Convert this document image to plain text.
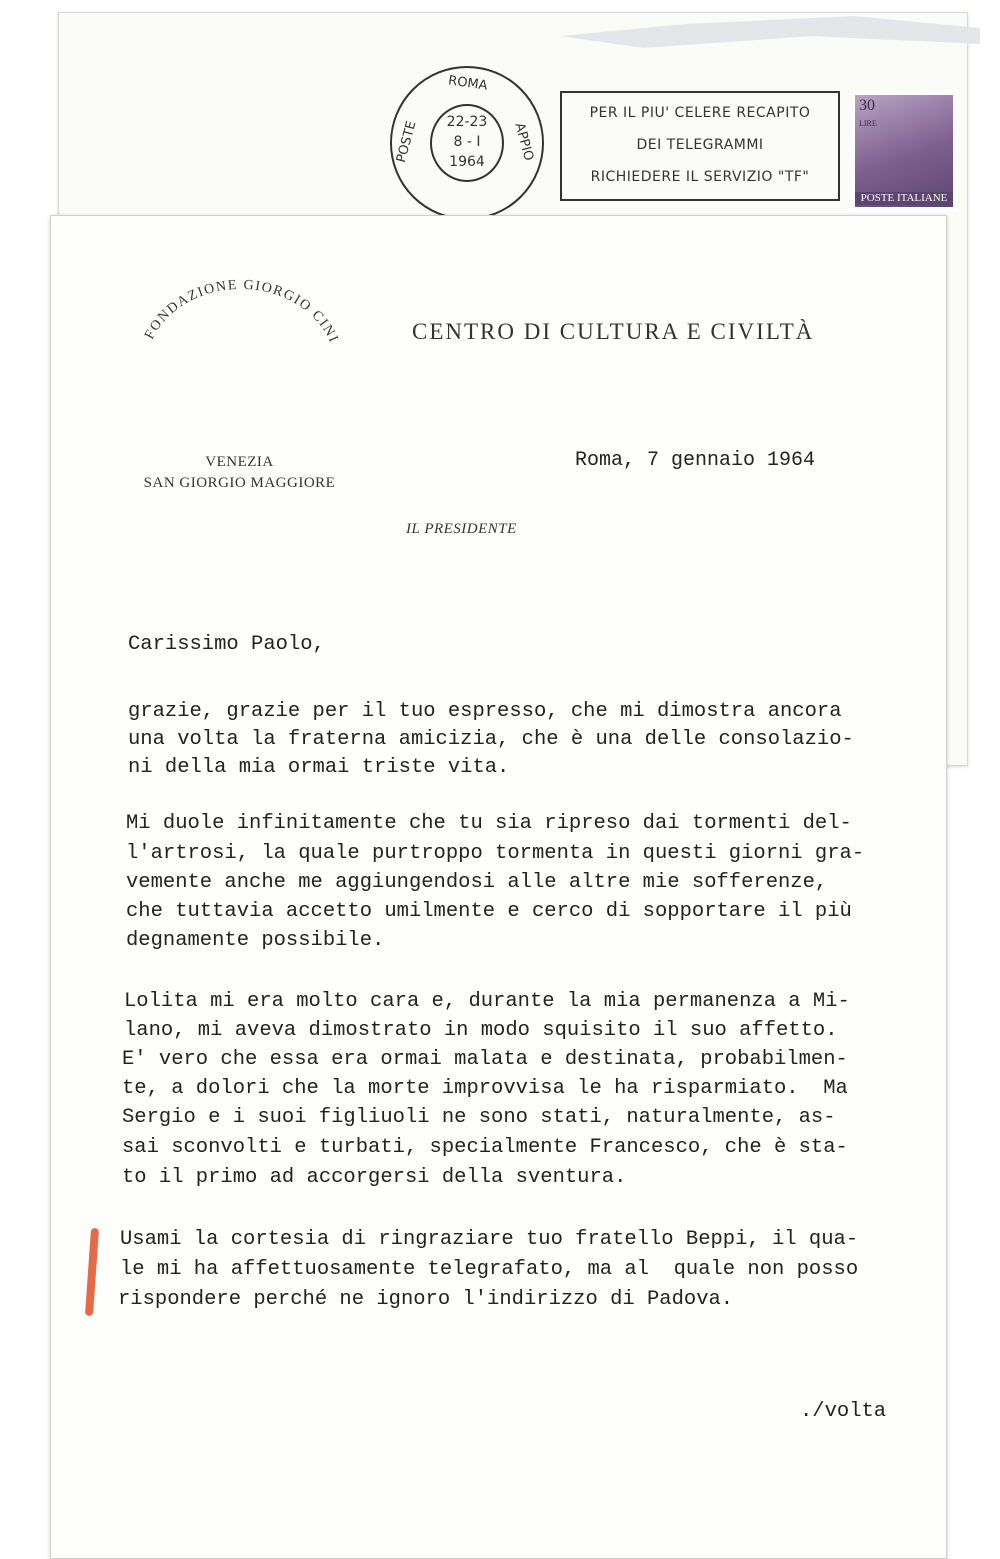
ROMA
POSTE	APPIO
22-23
8 - I
1964
PER IL PIU' CELERE RECAPITO
DEI TELEGRAMMI
RICHIEDERE IL SERVIZIO "TF"
30
LIRE
POSTE ITALIANE
FONDAZIONE GIORGIO CINI	CENTRO DI CULTURA E CIVILTÀ
VENEZIA
SAN GIORGIO MAGGIORE
IL PRESIDENTE
Roma, 7 gennaio 1964
Carissimo Paolo,
grazie, grazie per il tuo espresso, che mi dimostra ancora
una volta la fraterna amicizia, che è una delle consolazio-
ni della mia ormai triste vita.
Mi duole infinitamente che tu sia ripreso dai tormenti del-
l'artrosi, la quale purtroppo tormenta in questi giorni gra-
vemente anche me aggiungendosi alle altre mie sofferenze,
che tuttavia accetto umilmente e cerco di sopportare il più
degnamente possibile.
Lolita mi era molto cara e, durante la mia permanenza a Mi-
lano, mi aveva dimostrato in modo squisito il suo affetto.
E' vero che essa era ormai malata e destinata, probabilmen-
te, a dolori che la morte improvvisa le ha risparmiato.  Ma
Sergio e i suoi figliuoli ne sono stati, naturalmente, as-
sai sconvolti e turbati, specialmente Francesco, che è sta-
to il primo ad accorgersi della sventura.
Usami la cortesia di ringraziare tuo fratello Beppi, il qua-
le mi ha affettuosamente telegrafato, ma al  quale non posso
rispondere perché ne ignoro l'indirizzo di Padova.
./volta
